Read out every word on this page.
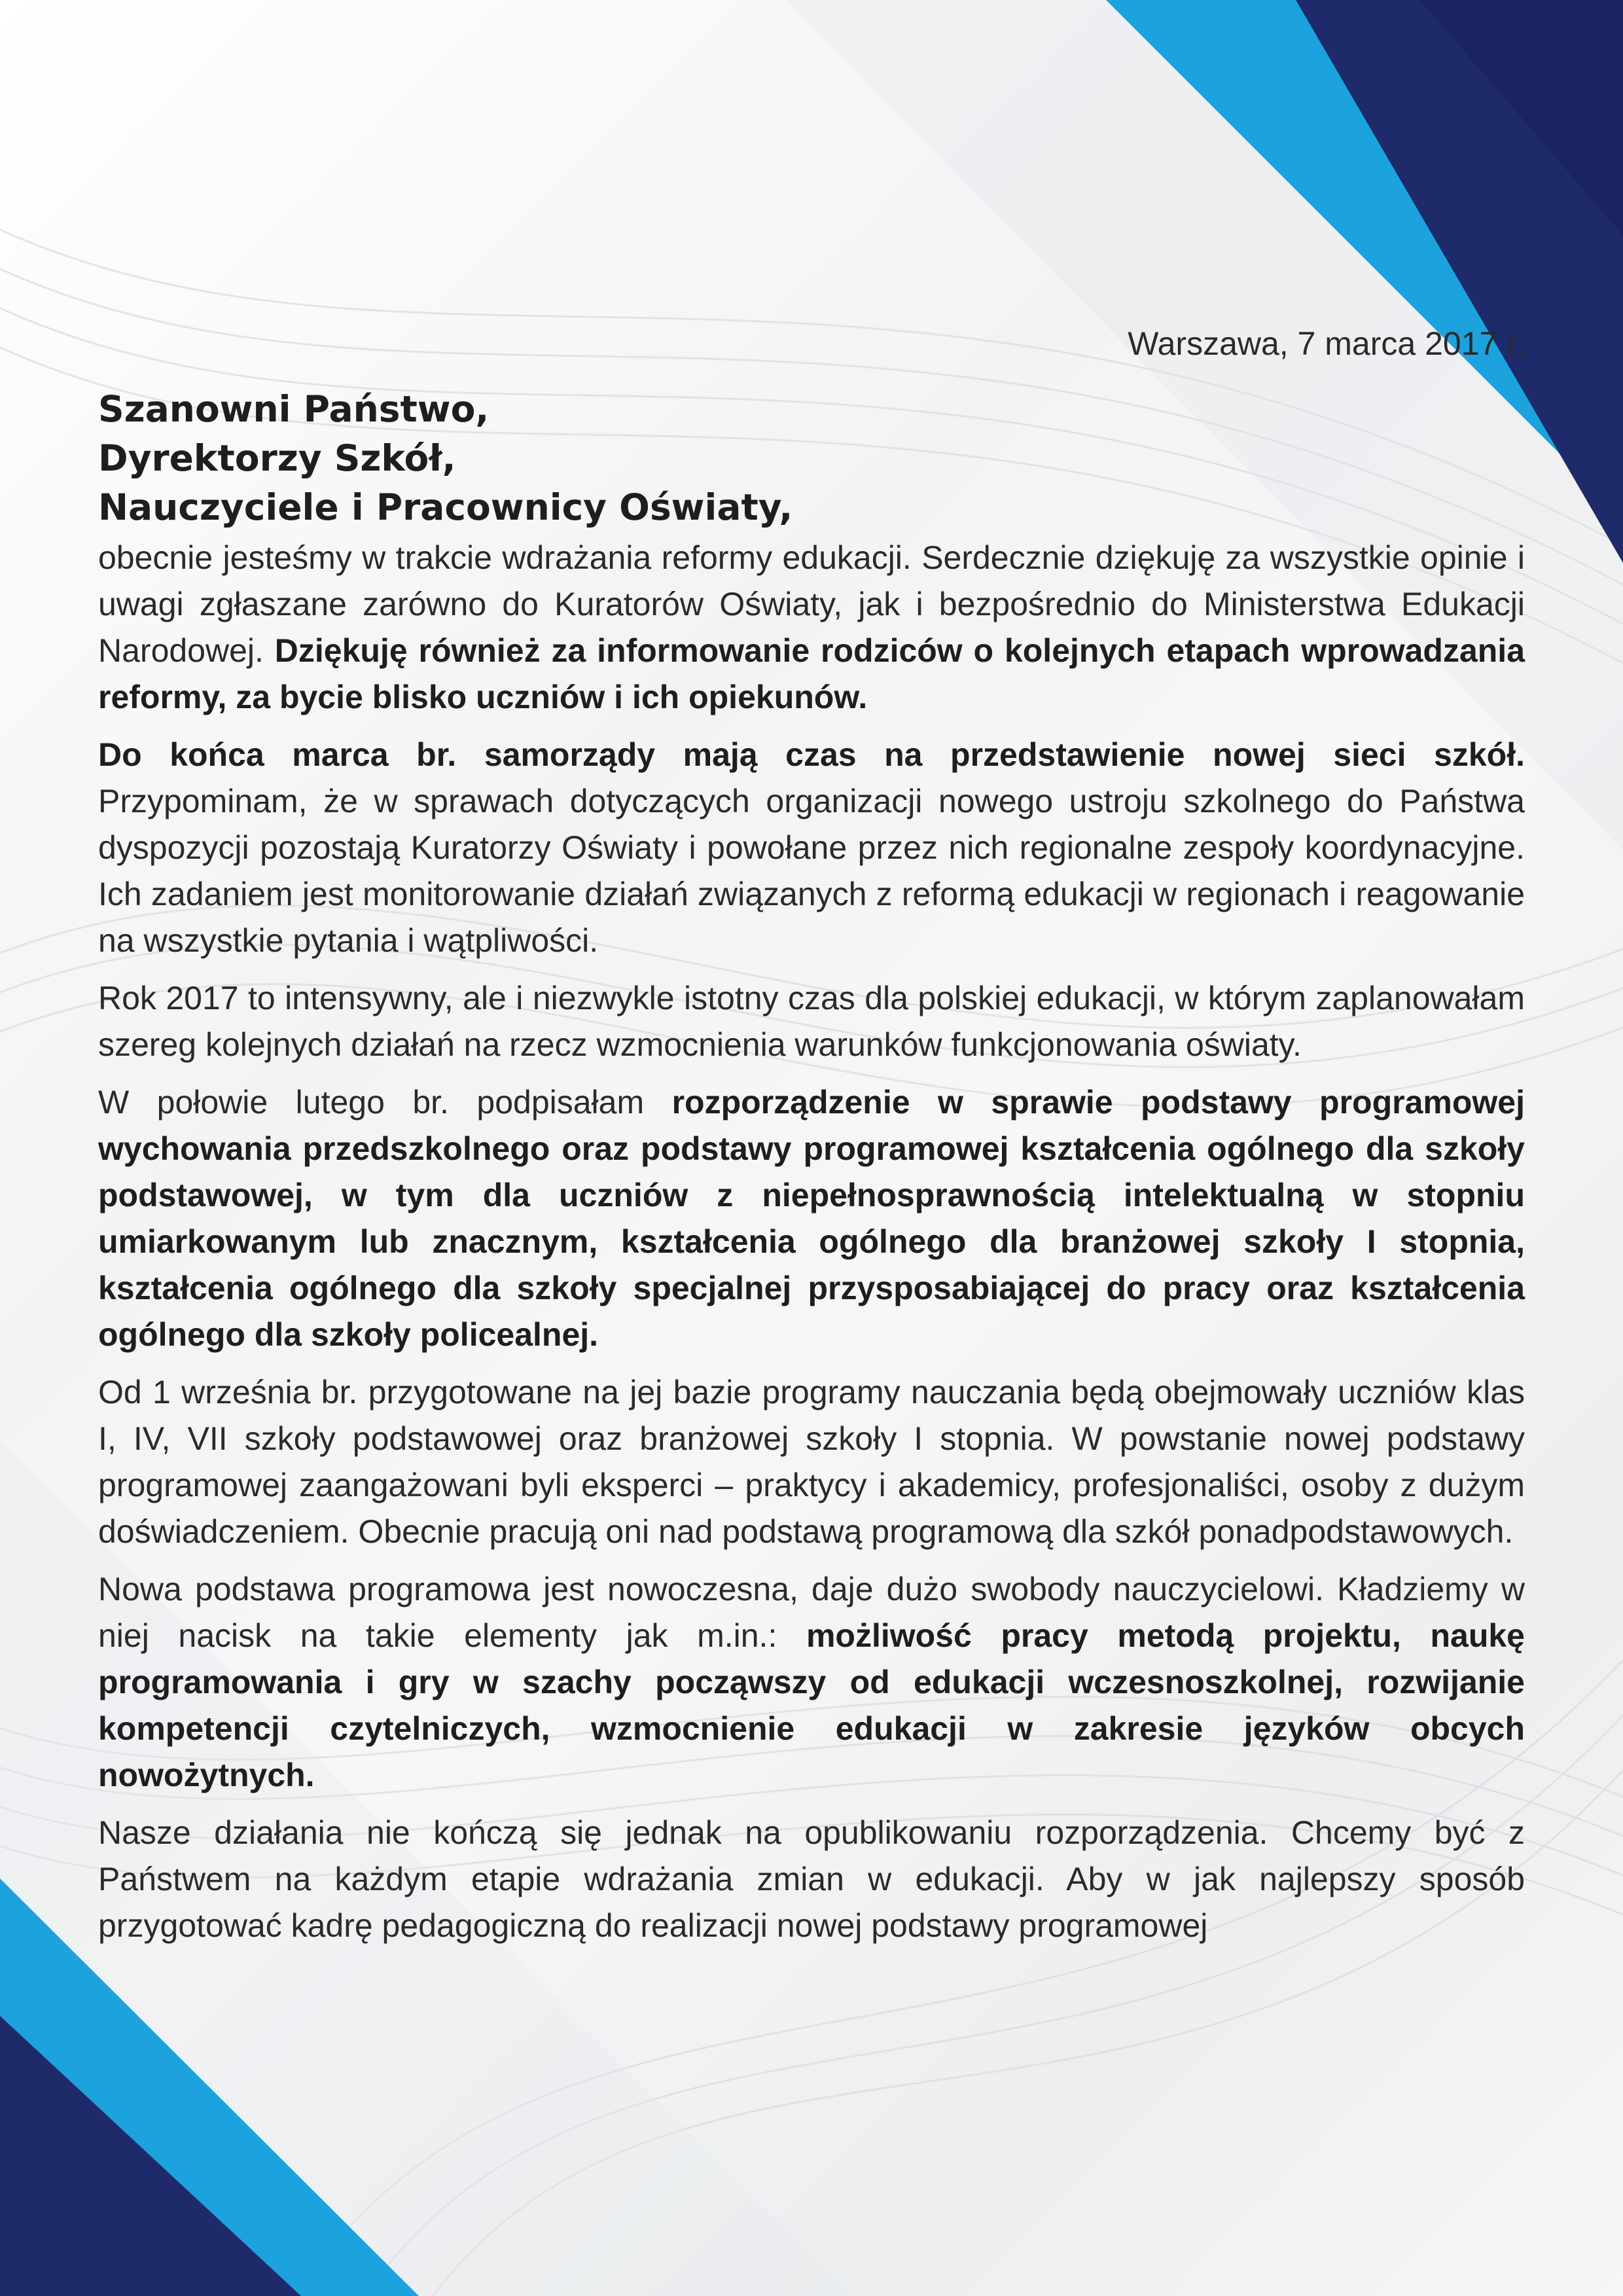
Warszawa, 7 marca 2017 r.

Szanowni Państwo,

Dyrektorzy Szkół,

Nauczyciele i Pracownicy Oświaty,

obecnie jesteśmy w trakcie wdrażania reformy edukacji. Serdecznie dziękuję za wszystkie opinie i uwagi zgłaszane zarówno do Kuratorów Oświaty, jak i bezpośrednio do Ministerstwa Edukacji Narodowej. Dziękuję również za informowanie rodziców o kolejnych etapach wprowadzania reformy, za bycie blisko uczniów i ich opiekunów.

Do końca marca br. samorządy mają czas na przedstawienie nowej sieci szkół. Przypominam, że w sprawach dotyczących organizacji nowego ustroju szkolnego do Państwa dyspozycji pozostają Kuratorzy Oświaty i powołane przez nich regionalne zespoły koordynacyjne. Ich zadaniem jest monitorowanie działań związanych z reformą edukacji w regionach i reagowanie na wszystkie pytania i wątpliwości.

Rok 2017 to intensywny, ale i niezwykle istotny czas dla polskiej edukacji, w którym zaplanowałam szereg kolejnych działań na rzecz wzmocnienia warunków funkcjonowania oświaty.

W połowie lutego br. podpisałam rozporządzenie w sprawie podstawy programowej wychowania przedszkolnego oraz podstawy programowej kształcenia ogólnego dla szkoły podstawowej, w tym dla uczniów z niepełnosprawnością intelektualną w stopniu umiarkowanym lub znacznym, kształcenia ogólnego dla branżowej szkoły I stopnia, kształcenia ogólnego dla szkoły specjalnej przysposabiającej do pracy oraz kształcenia ogólnego dla szkoły policealnej.

Od 1 września br. przygotowane na jej bazie programy nauczania będą obejmowały uczniów klas I, IV, VII szkoły podstawowej oraz branżowej szkoły I stopnia. W powstanie nowej podstawy programowej zaangażowani byli eksperci – praktycy i akademicy, profesjonaliści, osoby z dużym doświadczeniem. Obecnie pracują oni nad podstawą programową dla szkół ponadpodstawowych.

Nowa podstawa programowa jest nowoczesna, daje dużo swobody nauczycielowi. Kładziemy w niej nacisk na takie elementy jak m.in.: możliwość pracy metodą projektu, naukę programowania i gry w szachy począwszy od edukacji wczesnoszkolnej, rozwijanie kompetencji czytelniczych, wzmocnienie edukacji w zakresie języków obcych nowożytnych.

Nasze działania nie kończą się jednak na opublikowaniu rozporządzenia. Chcemy być z Państwem na każdym etapie wdrażania zmian w edukacji. Aby w jak najlepszy sposób przygotować kadrę pedagogiczną do realizacji nowej podstawy programowej
